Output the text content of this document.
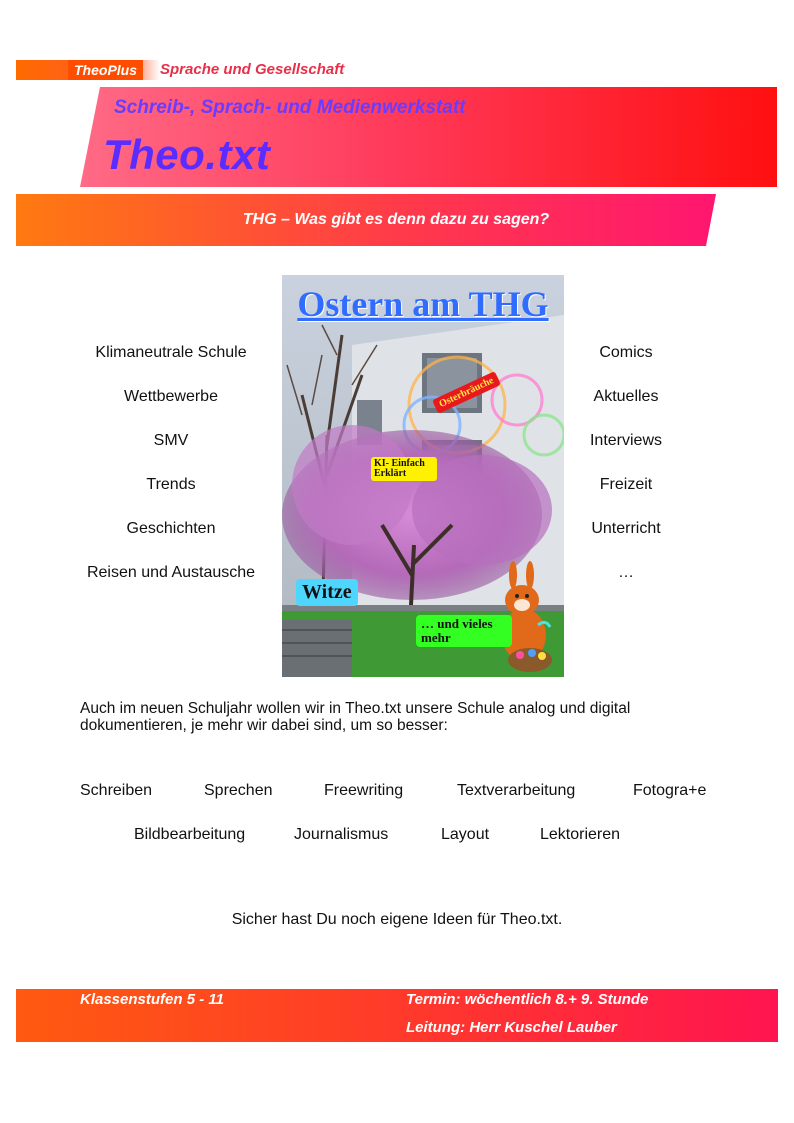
TheoPlus	Sprache und Gesellschaft
Schreib-, Sprach- und Medienwerkstatt
Theo.txt
THG – Was gibt es denn dazu zu sagen?
Klimaneutrale Schule
Wettbewerbe
SMV
Trends
Geschichten
Reisen und Austausche
Comics
Aktuelles
Interviews
Freizeit
Unterricht
…
Ostern am THG
Osterbräuche
KI- Einfach
Erklärt
Witze
… und vieles
mehr
Auch im neuen Schuljahr wollen wir in Theo.txt unsere Schule analog und digital dokumentieren, je mehr wir dabei sind, um so besser:
Schreiben	Sprechen	Freewriting	Textverarbeitung	Fotogra+e
Bildbearbeitung	Journalismus	Layout	Lektorieren
Sicher hast Du noch eigene Ideen für Theo.txt.
Klassenstufen 5 - 11	Termin: wöchentlich 8.+ 9. Stunde
Leitung: Herr Kuschel Lauber
